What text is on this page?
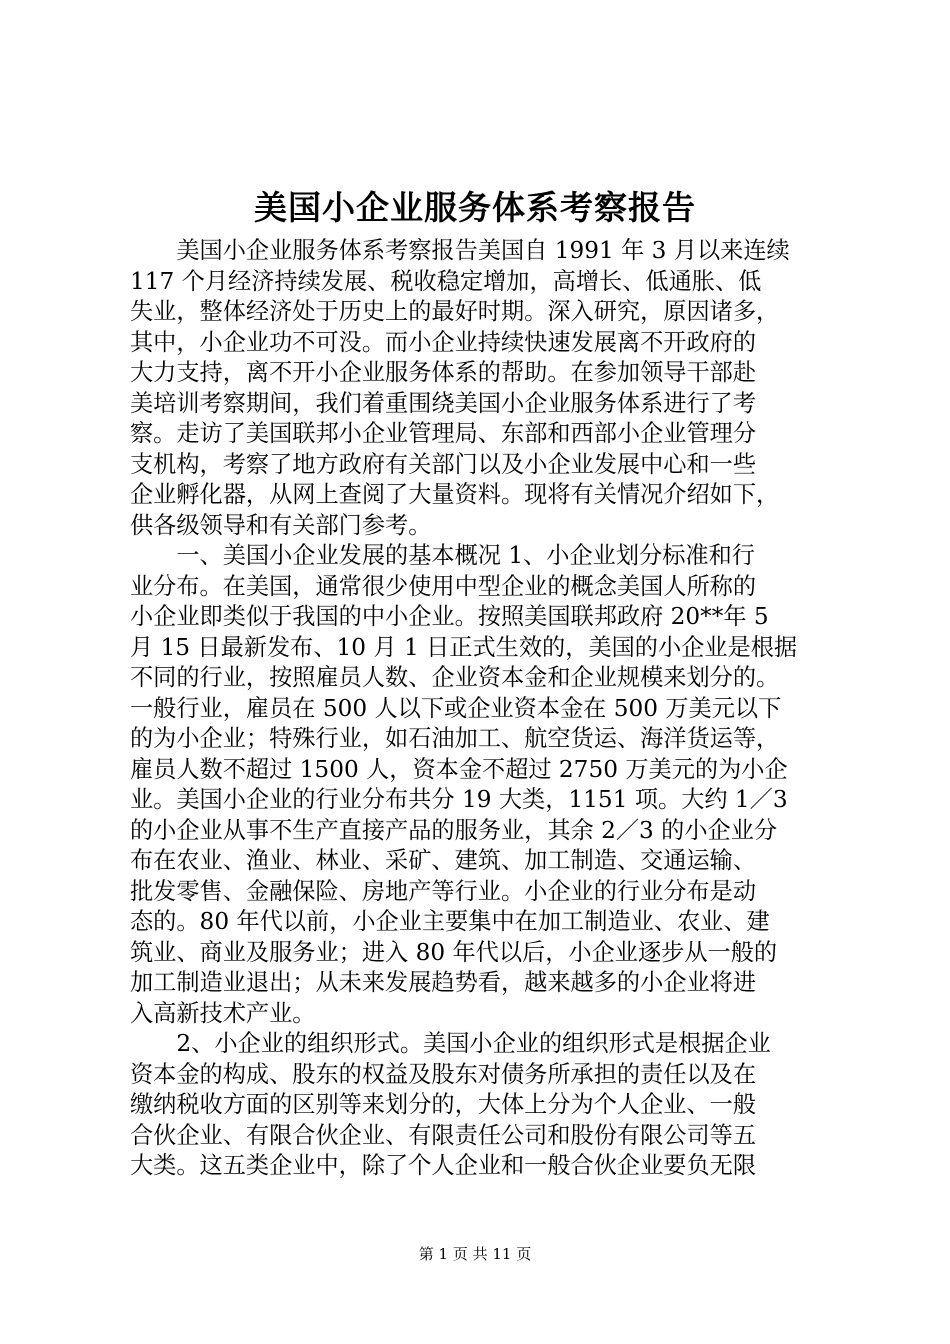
美国小企业服务体系考察报告
　　美国小企业服务体系考察报告美国自 1991 年 3 月以来连续
117 个月经济持续发展、税收稳定增加，高增长、低通胀、低
失业，整体经济处于历史上的最好时期。深入研究，原因诸多，
其中，小企业功不可没。而小企业持续快速发展离不开政府的
大力支持，离不开小企业服务体系的帮助。在参加领导干部赴
美培训考察期间，我们着重围绕美国小企业服务体系进行了考
察。走访了美国联邦小企业管理局、东部和西部小企业管理分
支机构，考察了地方政府有关部门以及小企业发展中心和一些
企业孵化器，从网上查阅了大量资料。现将有关情况介绍如下，
供各级领导和有关部门参考。
　　一、美国小企业发展的基本概况 1、小企业划分标准和行
业分布。在美国，通常很少使用中型企业的概念美国人所称的
小企业即类似于我国的中小企业。按照美国联邦政府 20**年 5
月 15 日最新发布、10 月 1 日正式生效的，美国的小企业是根据
不同的行业，按照雇员人数、企业资本金和企业规模来划分的。
一般行业，雇员在 500 人以下或企业资本金在 500 万美元以下
的为小企业；特殊行业，如石油加工、航空货运、海洋货运等，
雇员人数不超过 1500 人，资本金不超过 2750 万美元的为小企
业。美国小企业的行业分布共分 19 大类，1151 项。大约 1／3
的小企业从事不生产直接产品的服务业，其余 2／3 的小企业分
布在农业、渔业、林业、采矿、建筑、加工制造、交通运输、
批发零售、金融保险、房地产等行业。小企业的行业分布是动
态的。80 年代以前，小企业主要集中在加工制造业、农业、建
筑业、商业及服务业；进入 80 年代以后，小企业逐步从一般的
加工制造业退出；从未来发展趋势看，越来越多的小企业将进
入高新技术产业。
　　2、小企业的组织形式。美国小企业的组织形式是根据企业
资本金的构成、股东的权益及股东对债务所承担的责任以及在
缴纳税收方面的区别等来划分的，大体上分为个人企业、一般
合伙企业、有限合伙企业、有限责任公司和股份有限公司等五
大类。这五类企业中，除了个人企业和一般合伙企业要负无限
第 1 页 共 11 页
